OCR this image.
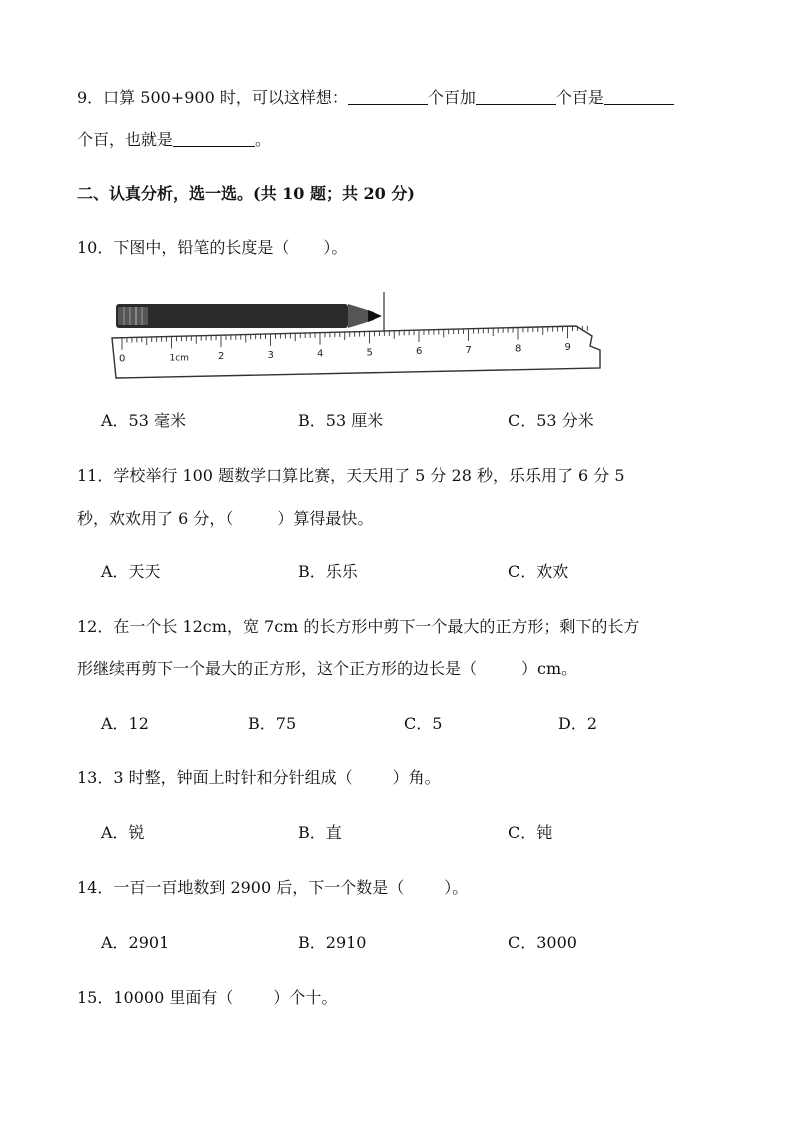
9．口算 500+900 时，可以这样想：	个百加	个百是
个百，也就是	。
二、认真分析，选一选。(共 10 题；共 20 分)
10．下图中，铅笔的长度是（ ）。
0	1cm	2	3	4	5	6	7	8	9
A．53 毫米	B．53 厘米	C．53 分米
11．学校举行 100 题数学口算比赛，天天用了 5 分 28 秒，乐乐用了 6 分 5
秒，欢欢用了 6 分，（	）算得最快。
A．天天	B．乐乐	C．欢欢
12．在一个长 12cm，宽 7cm 的长方形中剪下一个最大的正方形；剩下的长方
形继续再剪下一个最大的正方形，这个正方形的边长是（	）cm。
A．12	B．75	C．5	D．2
13．3 时整，钟面上时针和分针组成（	）角。
A．锐	B．直	C．钝
14．一百一百地数到 2900 后，下一个数是（	）。
A．2901	B．2910	C．3000
15．10000 里面有（	）个十。
